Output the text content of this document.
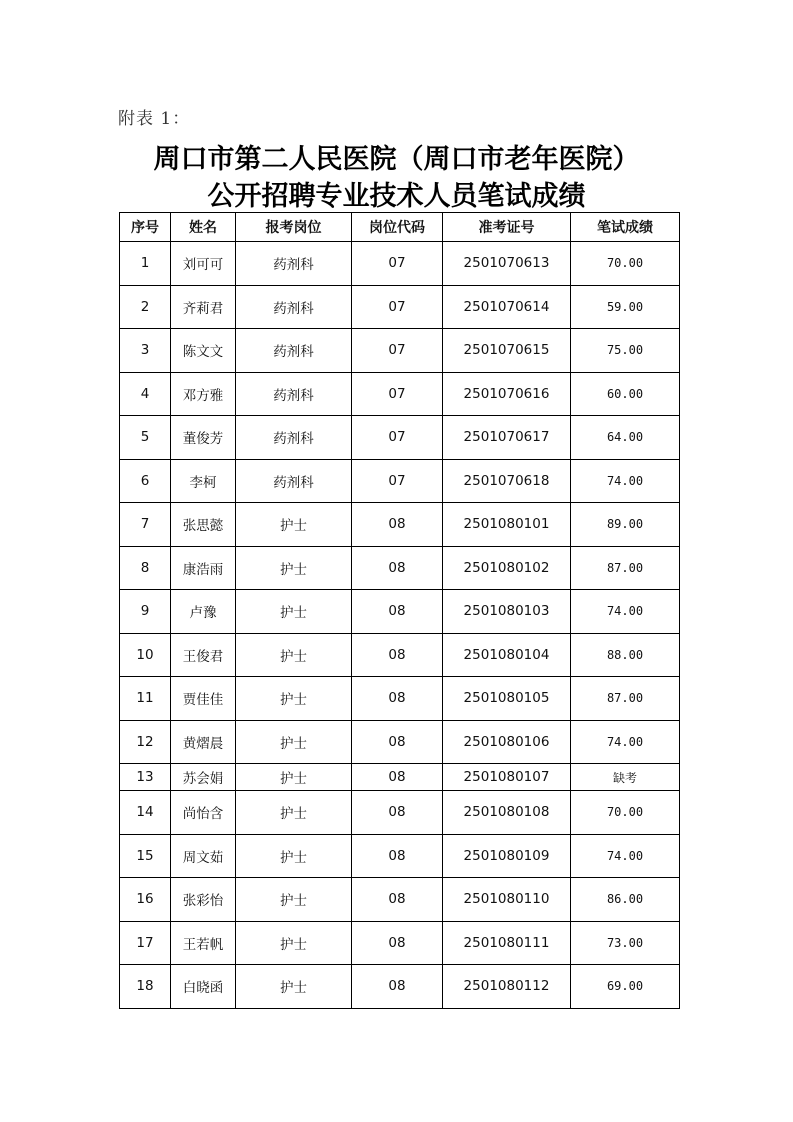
附表 1：
周口市第二人民医院（周口市老年医院）
公开招聘专业技术人员笔试成绩
序号	姓名	报考岗位	岗位代码	准考证号	笔试成绩
1	刘可可	药剂科	07	2501070613	70.00
2	齐莉君	药剂科	07	2501070614	59.00
3	陈文文	药剂科	07	2501070615	75.00
4	邓方雅	药剂科	07	2501070616	60.00
5	董俊芳	药剂科	07	2501070617	64.00
6	李柯	药剂科	07	2501070618	74.00
7	张思懿	护士	08	2501080101	89.00
8	康浩雨	护士	08	2501080102	87.00
9	卢豫	护士	08	2501080103	74.00
10	王俊君	护士	08	2501080104	88.00
11	贾佳佳	护士	08	2501080105	87.00
12	黄熠晨	护士	08	2501080106	74.00
13	苏会娟	护士	08	2501080107	缺考
14	尚怡含	护士	08	2501080108	70.00
15	周文茹	护士	08	2501080109	74.00
16	张彩怡	护士	08	2501080110	86.00
17	王若帆	护士	08	2501080111	73.00
18	白晓函	护士	08	2501080112	69.00
